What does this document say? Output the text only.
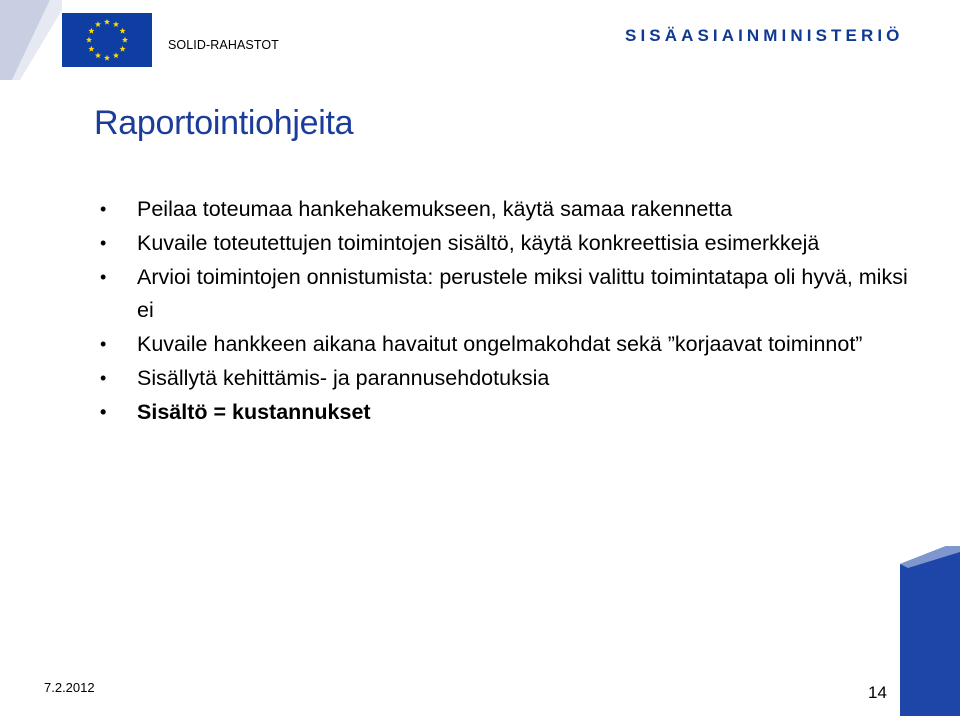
SOLID-RAHASTOT	SISÄASIAINMINISTERIÖ
Raportointiohjeita
• Peilaa toteumaa hankehakemukseen, käytä samaa rakennetta
• Kuvaile toteutettujen toimintojen sisältö, käytä konkreettisia esimerkkejä
• Arvioi toimintojen onnistumista: perustele miksi valittu toimintatapa oli hyvä, miksi ei
• Kuvaile hankkeen aikana havaitut ongelmakohdat sekä ”korjaavat toiminnot”
• Sisällytä kehittämis- ja parannusehdotuksia
• Sisältö = kustannukset
7.2.2012	14
